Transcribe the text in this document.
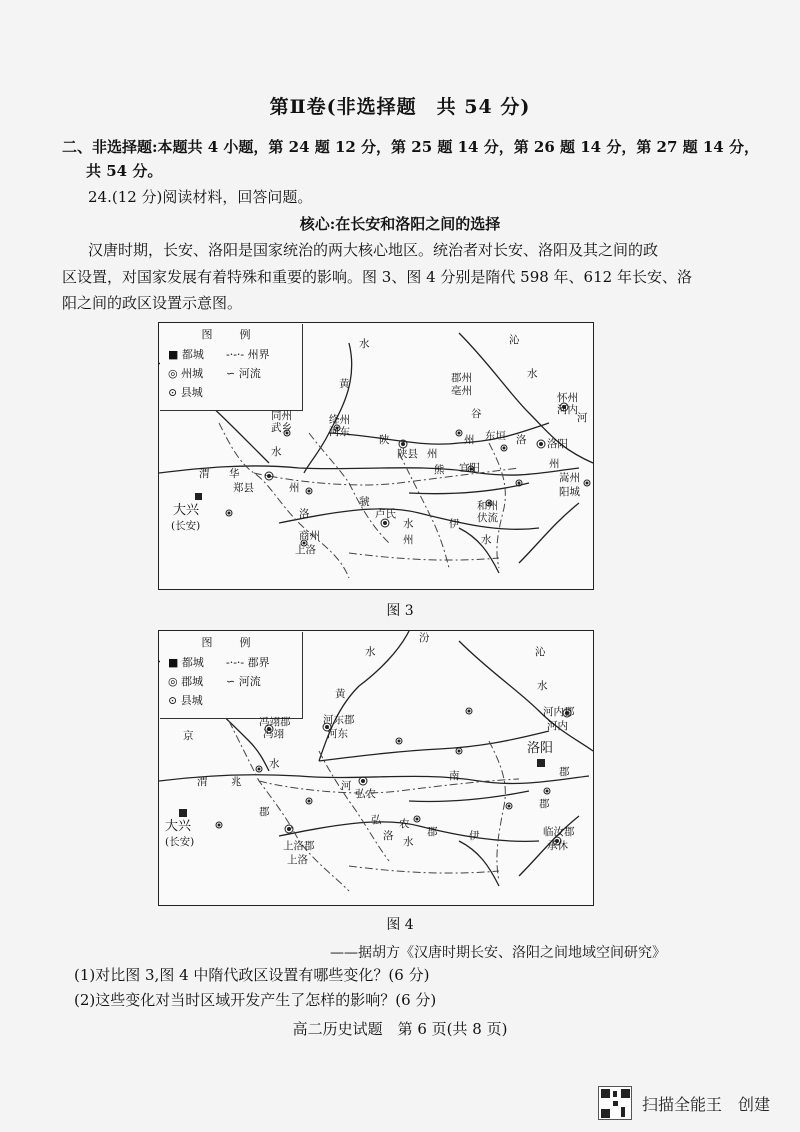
第Ⅱ卷(非选择题　共 54 分)
二、非选择题:本题共 4 小题，第 24 题 12 分，第 25 题 14 分，第 26 题 14 分，第 27 题 14 分，
共 54 分。
24.(12 分)阅读材料，回答问题。
核心:在长安和洛阳之间的选择
汉唐时期，长安、洛阳是国家统治的两大核心地区。统治者对长安、洛阳及其之间的政
区设置，对国家发展有着特殊和重要的影响。图 3、图 4 分别是隋代 598 年、612 年长安、洛
阳之间的政区设置示意图。
图　例
■ 都城
◎ 州城
⊙ 县城
-·-·- 州界
∽ 河流
水	沁
水
黄
谷	河
郡州
亳州
怀州
河内
同州
武乡
绛州
河东
陕
陕县 州
州 东垣 洛 洛阳
水
华
郑县	州
渭	熊 宜阳	州
嵩州
阳城
大兴
(长安)
虢
洛	卢氏
水	伊
和州
伏流
州
商州
上洛
水
图 3
图　例
■ 都城
◎ 郡城
⊙ 县城
-·-·- 郡界
∽ 河流
汾
水	沁
水
黄
京
冯翊郡
冯翊
河东郡
河东
河内郡
河内
洛阳
水
兆	河
南
渭
弘农
郡
弘 农
郡
大兴
(长安)
郡
洛 水	伊
上洛郡
上洛
临汝郡
承休
郡
图 4
——据胡方《汉唐时期长安、洛阳之间地域空间研究》
(1)对比图 3,图 4 中隋代政区设置有哪些变化？(6 分)
(2)这些变化对当时区域开发产生了怎样的影响？(6 分)
高二历史试题　第 6 页(共 8 页)
扫描全能王　创建
